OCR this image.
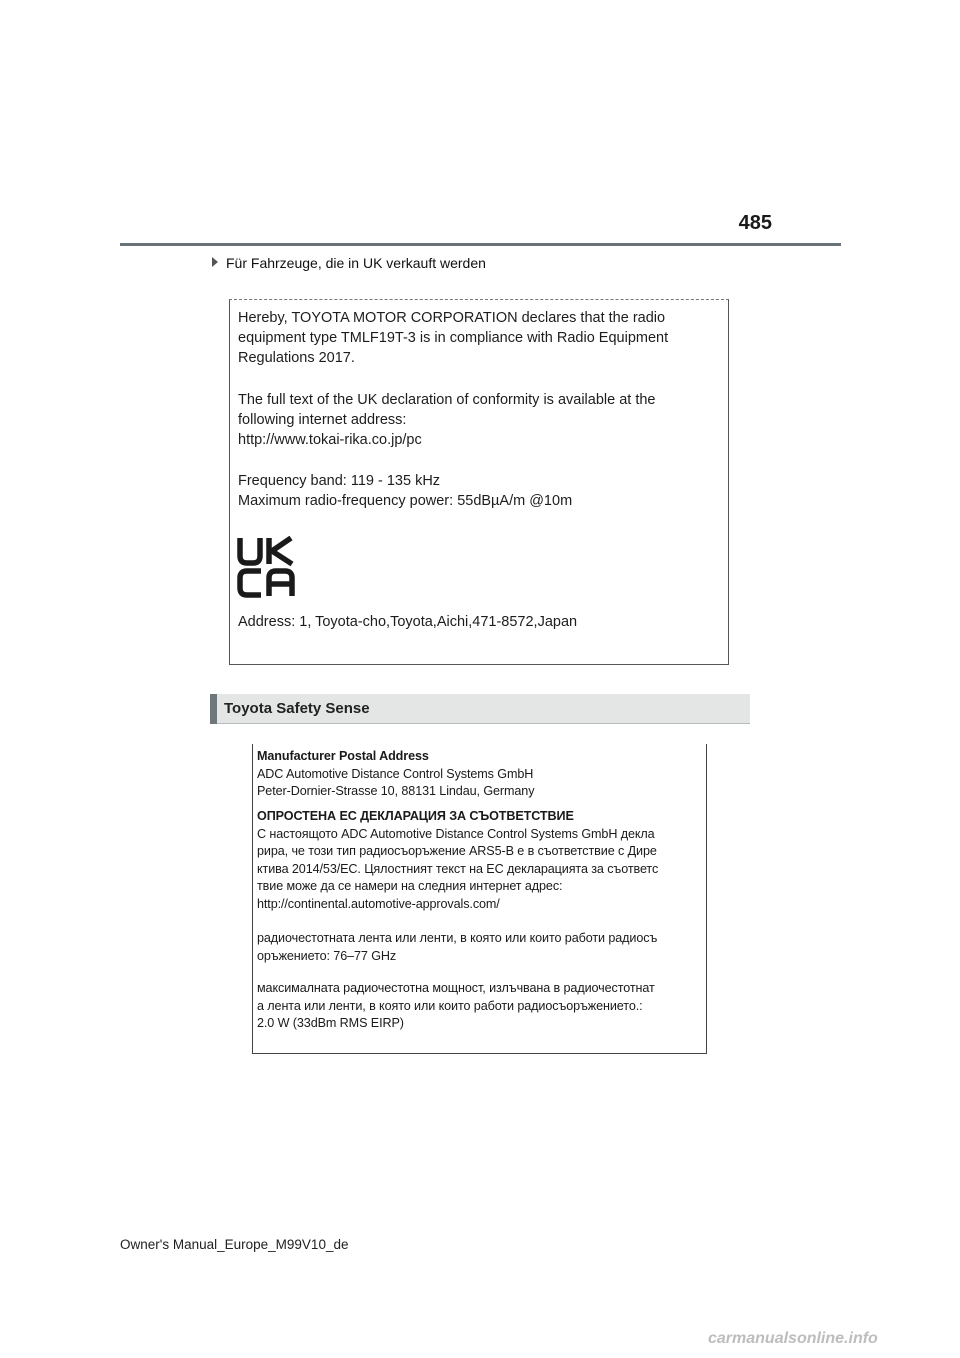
485
Für Fahrzeuge, die in UK verkauft werden

Hereby, TOYOTA MOTOR CORPORATION declares that the radio

equipment type TMLF19T-3 is in compliance with Radio Equipment

Regulations 2017.

The full text of the UK declaration of conformity is available at the

following internet address:

http://www.tokai-rika.co.jp/pc

Frequency band: 119 - 135 kHz

Maximum radio-frequency power: 55dBµA/m @10m

Address: 1, Toyota-cho,Toyota,Aichi,471-8572,Japan

Toyota Safety Sense

Manufacturer Postal Address

ADC Automotive Distance Control Systems GmbH

Peter-Dornier-Strasse 10, 88131 Lindau, Germany

ОПРОСТЕНА ЕС ДЕКЛАРАЦИЯ ЗА СЪОТВЕТСТВИЕ

С настоящото ADC Automotive Distance Control Systems GmbH декла

рира, че този тип радиосъоръжение ARS5-B е в съответствие с Дире

ктива 2014/53/ЕС. Цялостният текст на ЕС декларацията за съответс

твие може да се намери на следния интернет адрес:

http://continental.automotive-approvals.com/

радиочестотната лента или ленти, в която или които работи радиосъ

оръжението: 76–77 GHz

максималната радиочестотна мощност, излъчвана в радиочестотнат

а лента или ленти, в която или които работи радиосъоръжението.:

2.0 W (33dBm RMS EIRP)

Owner's Manual_Europe_M99V10_de
carmanualsonline.info
